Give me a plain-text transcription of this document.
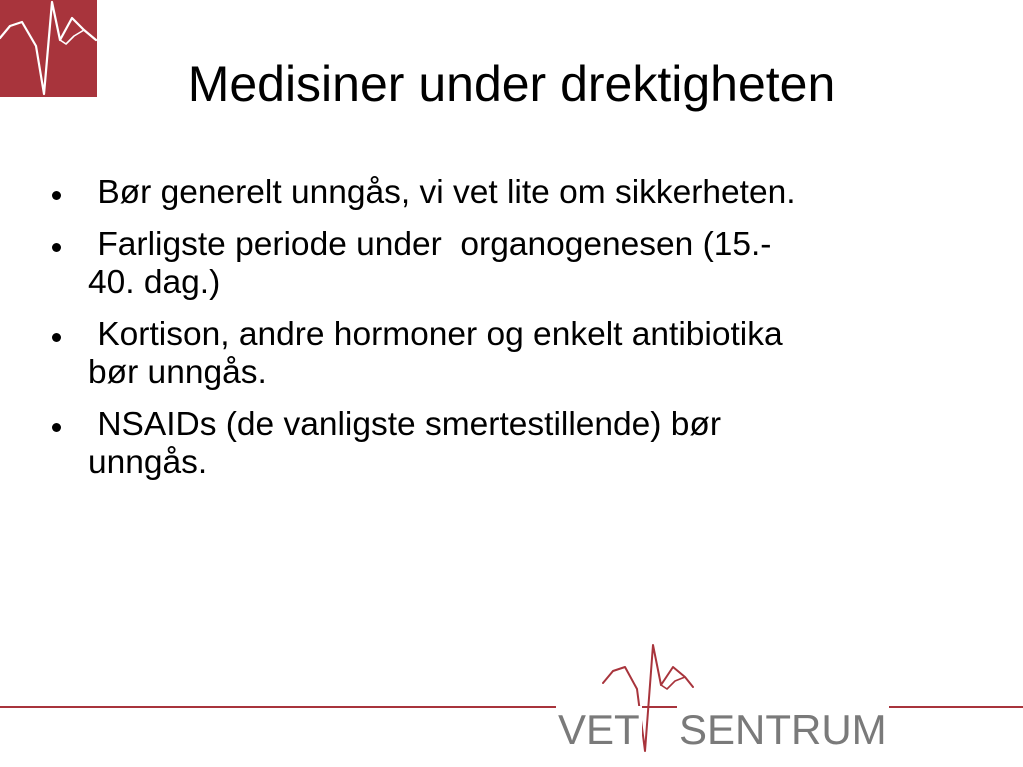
Medisiner under drektigheten
Bør generelt unngås, vi vet lite om sikkerheten.
Farligste periode under  organogenesen (15.-
40. dag.)
Kortison, andre hormoner og enkelt antibiotika
bør unngås.
NSAIDs (de vanligste smertestillende) bør
unngås.
VET SENTRUM
